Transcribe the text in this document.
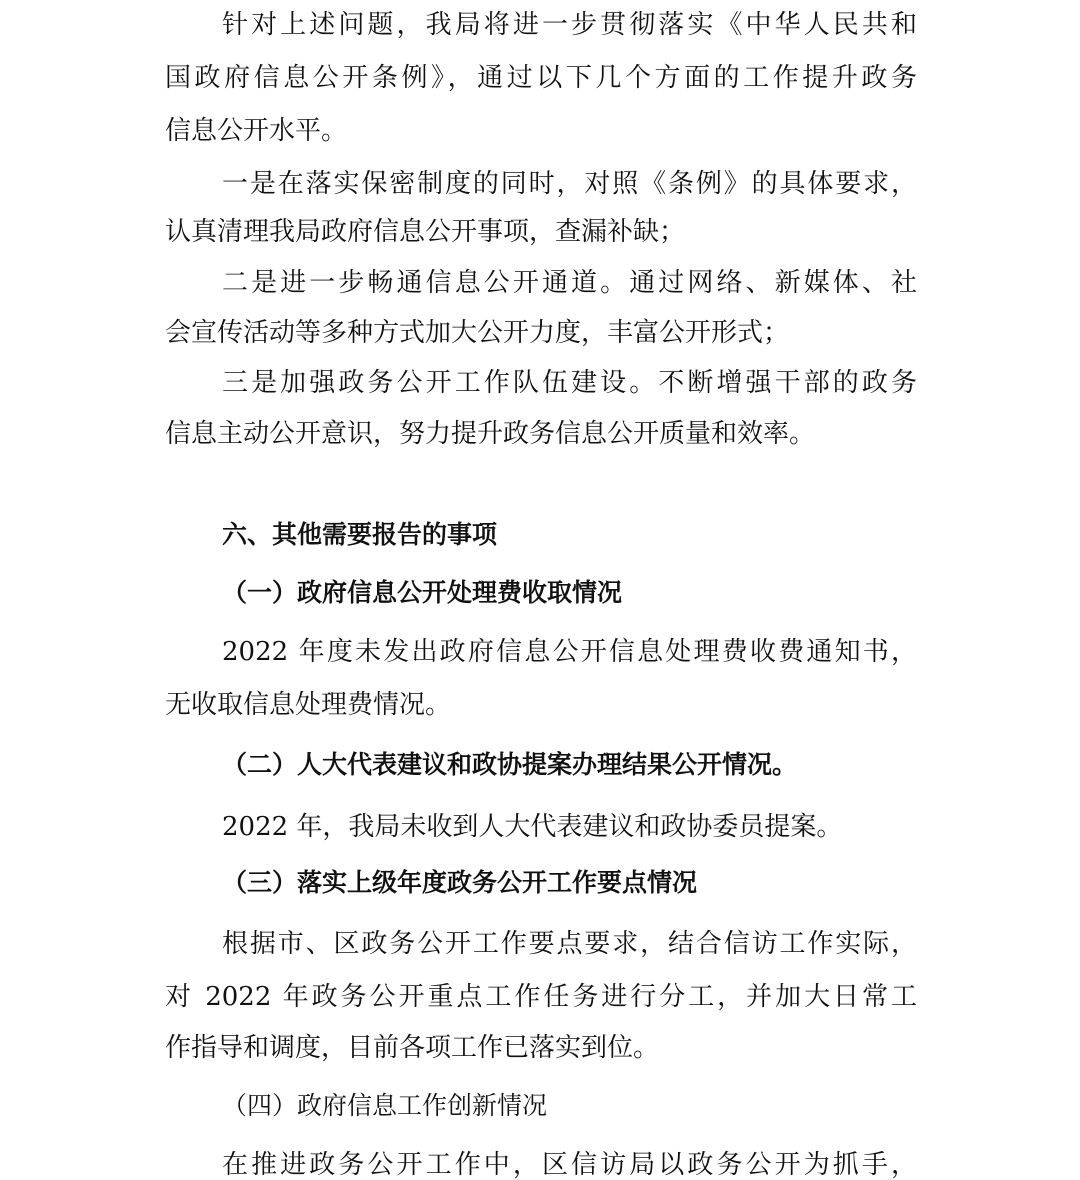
针对上述问题，我局将进一步贯彻落实《中华人民共和

国政府信息公开条例》，通过以下几个方面的工作提升政务

信息公开水平。

一是在落实保密制度的同时，对照《条例》的具体要求，

认真清理我局政府信息公开事项，查漏补缺；

二是进一步畅通信息公开通道。通过网络、新媒体、社

会宣传活动等多种方式加大公开力度，丰富公开形式；

三是加强政务公开工作队伍建设。不断增强干部的政务

信息主动公开意识，努力提升政务信息公开质量和效率。

六、其他需要报告的事项

（一）政府信息公开处理费收取情况

2022 年度未发出政府信息公开信息处理费收费通知书，

无收取信息处理费情况。

（二）人大代表建议和政协提案办理结果公开情况。

2022 年，我局未收到人大代表建议和政协委员提案。

（三）落实上级年度政务公开工作要点情况

根据市、区政务公开工作要点要求，结合信访工作实际，

对 2022 年政务公开重点工作任务进行分工，并加大日常工

作指导和调度，目前各项工作已落实到位。

（四）政府信息工作创新情况

在推进政务公开工作中，区信访局以政务公开为抓手，
